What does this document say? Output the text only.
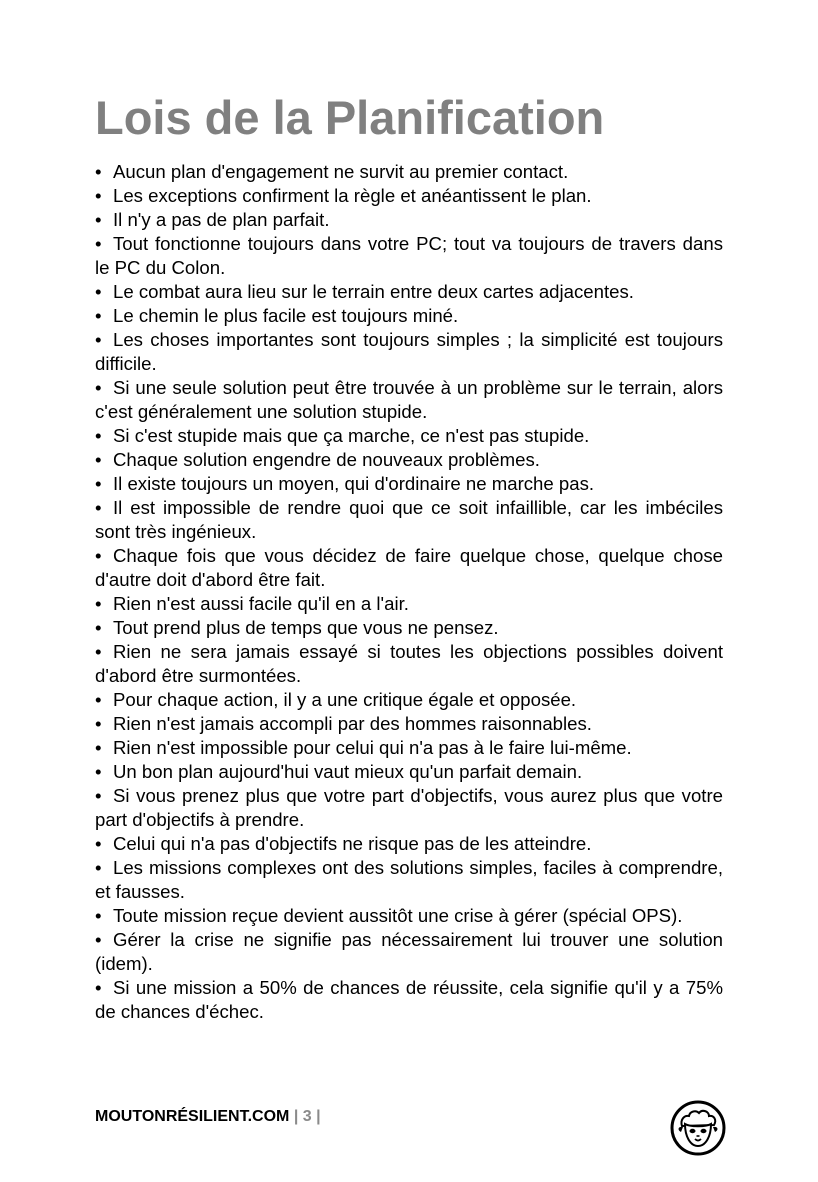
Lois de la Planification
• Aucun plan d'engagement ne survit au premier contact.
• Les exceptions confirment la règle et anéantissent le plan.
• Il n'y a pas de plan parfait.
• Tout fonctionne toujours dans votre PC; tout va toujours de travers dans le PC du Colon.
• Le combat aura lieu sur le terrain entre deux cartes adjacentes.
• Le chemin le plus facile est toujours miné.
• Les choses importantes sont toujours simples ; la simplicité est toujours difficile.
• Si une seule solution peut être trouvée à un problème sur le terrain, alors c'est généralement une solution stupide.
• Si c'est stupide mais que ça marche, ce n'est pas stupide.
• Chaque solution engendre de nouveaux problèmes.
• Il existe toujours un moyen, qui d'ordinaire ne marche pas.
• Il est impossible de rendre quoi que ce soit infaillible, car les imbéciles sont très ingénieux.
• Chaque fois que vous décidez de faire quelque chose, quelque chose d'autre doit d'abord être fait.
• Rien n'est aussi facile qu'il en a l'air.
• Tout prend plus de temps que vous ne pensez.
• Rien ne sera jamais essayé si toutes les objections possibles doivent d'abord être surmontées.
• Pour chaque action, il y a une critique égale et opposée.
• Rien n'est jamais accompli par des hommes raisonnables.
• Rien n'est impossible pour celui qui n'a pas à le faire lui-même.
• Un bon plan aujourd'hui vaut mieux qu'un parfait demain.
• Si vous prenez plus que votre part d'objectifs, vous aurez plus que votre part d'objectifs à prendre.
• Celui qui n'a pas d'objectifs ne risque pas de les atteindre.
• Les missions complexes ont des solutions simples, faciles à comprendre, et fausses.
• Toute mission reçue devient aussitôt une crise à gérer (spécial OPS).
• Gérer la crise ne signifie pas nécessairement lui trouver une solution (idem).
• Si une mission a 50% de chances de réussite, cela signifie qu'il y a 75% de chances d'échec.
MOUTONRÉSILIENT.COM | 3 |
